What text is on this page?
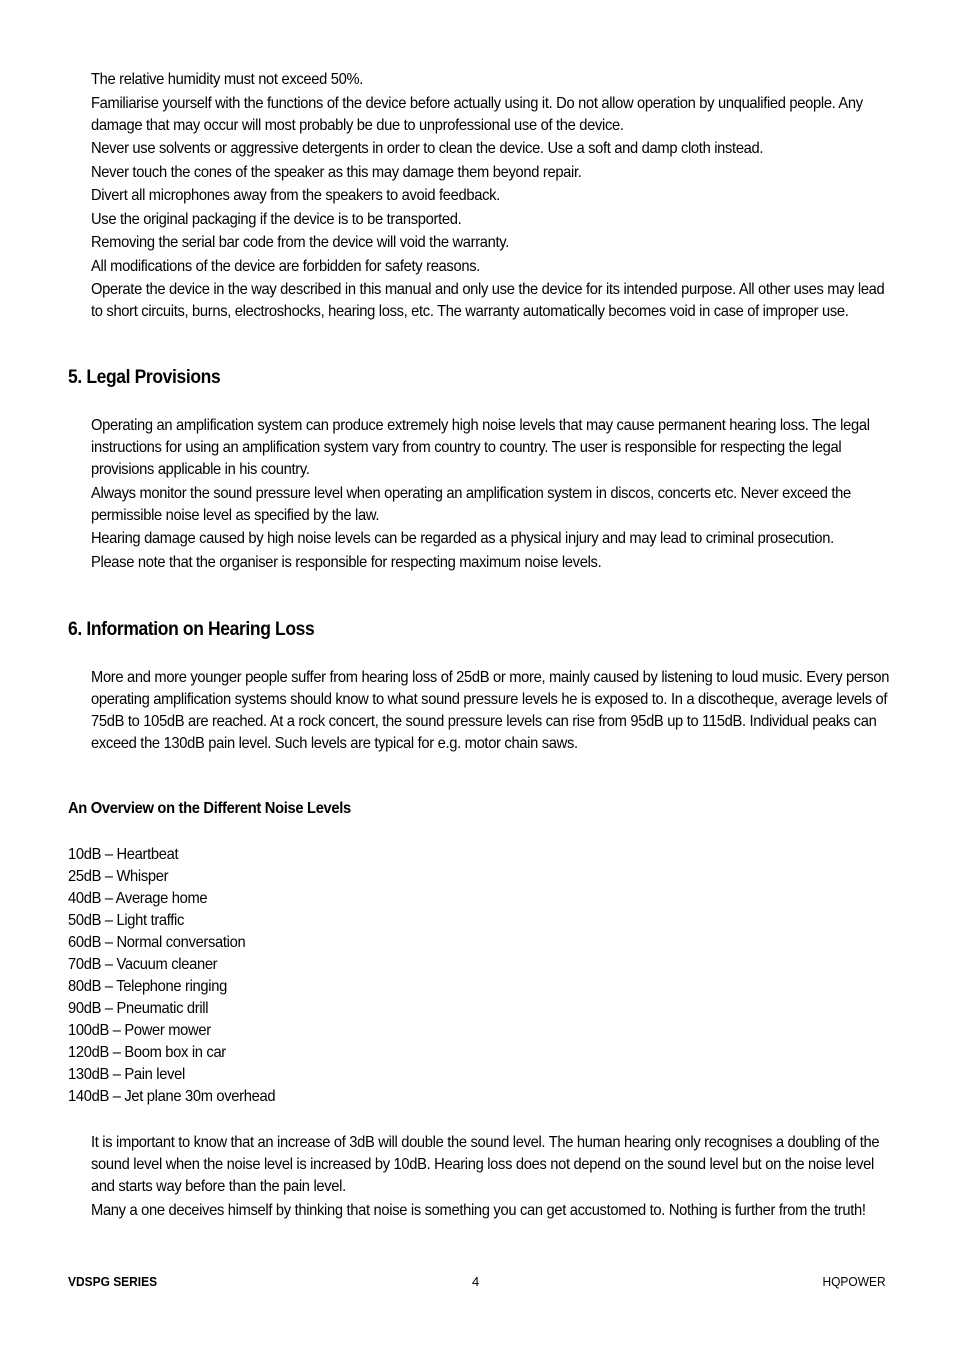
The relative humidity must not exceed 50%.

Familiarise yourself with the functions of the device before actually using it. Do not allow operation by unqualified people. Any damage that may occur will most probably be due to unprofessional use of the device.

Never use solvents or aggressive detergents in order to clean the device. Use a soft and damp cloth instead.

Never touch the cones of the speaker as this may damage them beyond repair.

Divert all microphones away from the speakers to avoid feedback.

Use the original packaging if the device is to be transported.

Removing the serial bar code from the device will void the warranty.

All modifications of the device are forbidden for safety reasons.

Operate the device in the way described in this manual and only use the device for its intended purpose. All other uses may lead to short circuits, burns, electroshocks, hearing loss, etc. The warranty automatically becomes void in case of improper use.

5. Legal Provisions

Operating an amplification system can produce extremely high noise levels that may cause permanent hearing loss. The legal instructions for using an amplification system vary from country to country. The user is responsible for respecting the legal provisions applicable in his country.

Always monitor the sound pressure level when operating an amplification system in discos, concerts etc. Never exceed the permissible noise level as specified by the law.

Hearing damage caused by high noise levels can be regarded as a physical injury and may lead to criminal prosecution.

Please note that the organiser is responsible for respecting maximum noise levels.

6. Information on Hearing Loss

More and more younger people suffer from hearing loss of 25dB or more, mainly caused by listening to loud music. Every person operating amplification systems should know to what sound pressure levels he is exposed to. In a discotheque, average levels of 75dB to 105dB are reached. At a rock concert, the sound pressure levels can rise from 95dB up to 115dB. Individual peaks can exceed the 130dB pain level. Such levels are typical for e.g. motor chain saws.

An Overview on the Different Noise Levels
10dB – Heartbeat
25dB – Whisper
40dB – Average home
50dB – Light traffic
60dB – Normal conversation
70dB – Vacuum cleaner
80dB – Telephone ringing
90dB – Pneumatic drill
100dB – Power mower
120dB – Boom box in car
130dB – Pain level
140dB – Jet plane 30m overhead

It is important to know that an increase of 3dB will double the sound level. The human hearing only recognises a doubling of the sound level when the noise level is increased by 10dB. Hearing loss does not depend on the sound level but on the noise level and starts way before than the pain level.

Many a one deceives himself by thinking that noise is something you can get accustomed to. Nothing is further from the truth!

VDSPG SERIES	4	HQPOWER
